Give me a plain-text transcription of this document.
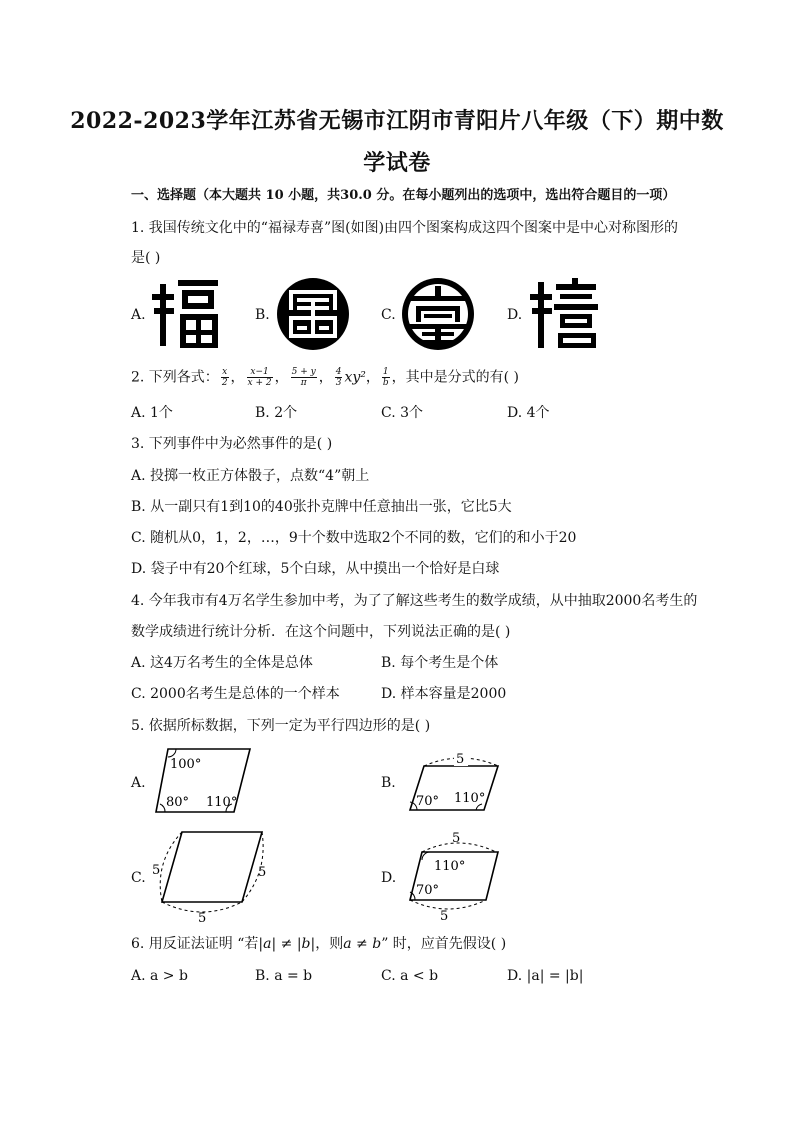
2022-2023学年江苏省无锡市江阴市青阳片八年级（下）期中数
学试卷
一、选择题（本大题共 10 小题，共30.0 分。在每小题列出的选项中，选出符合题目的一项）
1. 我国传统文化中的“福禄寿喜”图(如图)由四个图案构成这四个图案中是中心对称图形的
是( )
A.	B.	C.	D.
2. 下列各式： $\frac{x}{2}$ ， $\frac{x-1}{x + 2}$ ， $\frac{5 + y}{\pi}$ ， $\frac{4}{3} xy^2$， $\frac{1}{b}$ ，其中是分式的有( )
A. 1个	B. 2个	C. 3个	D. 4个
3. 下列事件中为必然事件的是( )
A. 投掷一枚正方体骰子，点数“4”朝上
B. 从一副只有1到10的40张扑克牌中任意抽出一张，它比5大
C. 随机从0，1，2，…，9十个数中选取2个不同的数，它们的和小于20
D. 袋子中有20个红球，5个白球，从中摸出一个恰好是白球
4. 今年我市有4万名学生参加中考，为了了解这些考生的数学成绩，从中抽取2000名考生的
数学成绩进行统计分析．在这个问题中，下列说法正确的是( )
A. 这4万名考生的全体是总体	B. 每个考生是个体
C. 2000名考生是总体的一个样本	D. 样本容量是2000
5. 依据所标数据，下列一定为平行四边形的是( )
A.
100°
80° 110°
B.
5
70° 110°
C. 5	5
5
D.
5
110°
70°
5
6. 用反证法证明 “若|a| ≠ |b|，则a ≠ b” 时，应首先假设( )
A. a > b	B. a = b	C. a < b	D. |a| = |b|
